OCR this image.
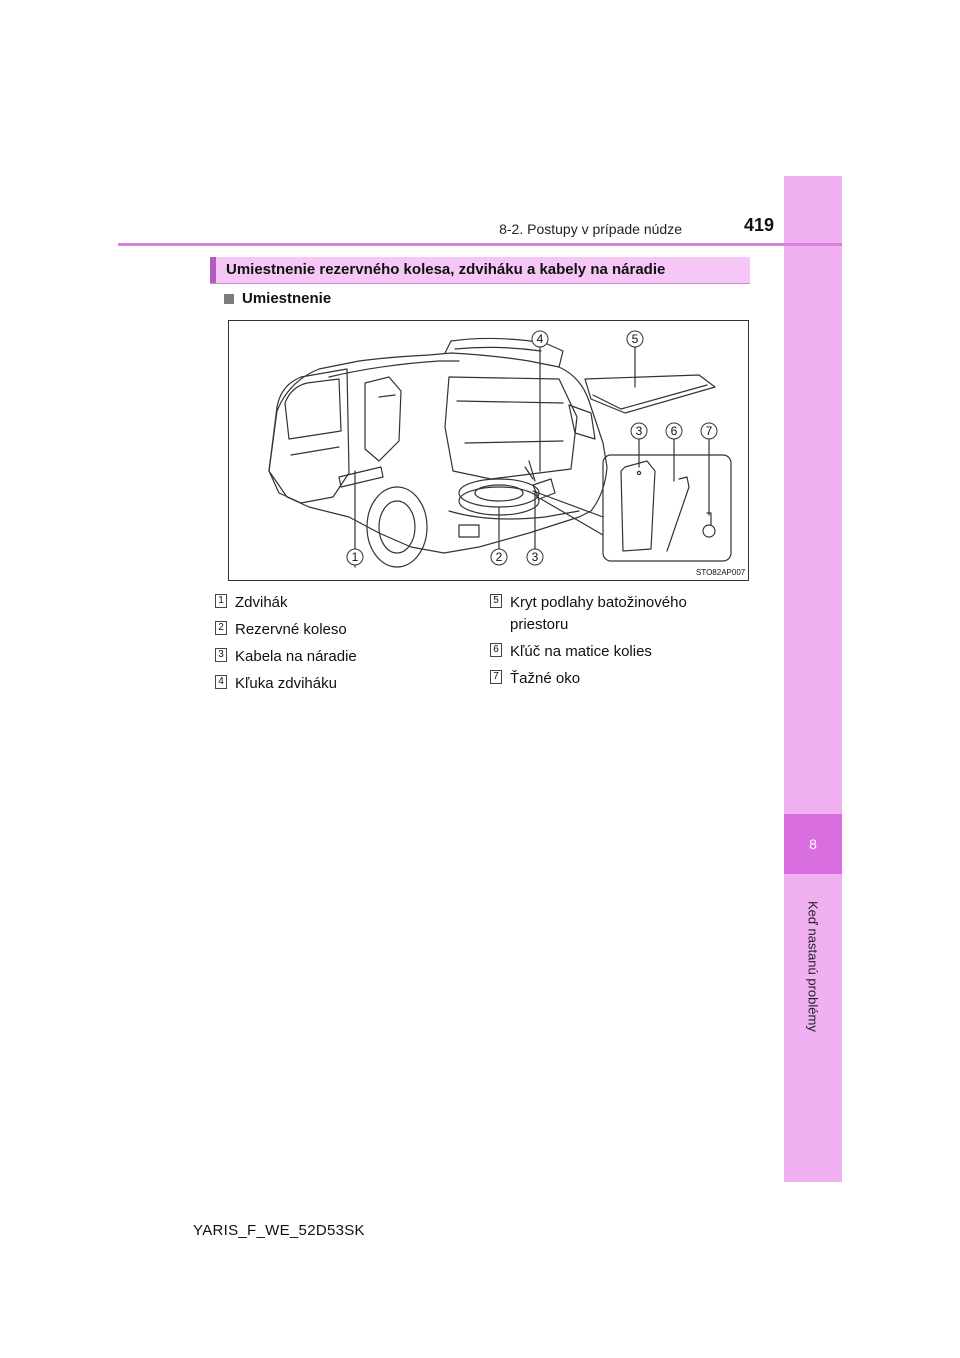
8
Keď nastanú problémy
8-2. Postupy v prípade núdze	419
Umiestnenie rezervného kolesa, zdviháku a kabely na náradie
Umiestnenie
1	2 3
4	5
3 6 7
STO82AP007
1 Zdvihák
2 Rezervné koleso
3 Kabela na náradie
4 Kľuka zdviháku
5 Kryt podlahy batožinového priestoru
6 Kľúč na matice kolies
7 Ťažné oko
YARIS_F_WE_52D53SK
